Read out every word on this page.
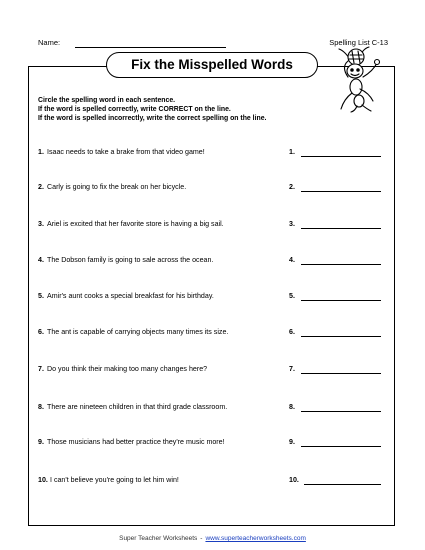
Name:	Spelling List C-13
Fix the Misspelled Words
Circle the spelling word in each sentence.
If the word is spelled correctly, write CORRECT on the line.
If the word is spelled incorrectly, write the correct spelling on the line.
1. Isaac needs to take a brake from that video game!	1.
2. Carly is going to fix the break on her bicycle.	2.
3. Ariel is excited that her favorite store is having a big sail.	3.
4. The Dobson family is going to sale across the ocean.	4.
5. Amir's aunt cooks a special breakfast for his birthday.	5.
6. The ant is capable of carrying objects many times its size.	6.
7. Do you think their making too many changes here?	7.
8. There are nineteen children in that third grade classroom.	8.
9. Those musicians had better practice they're music more!	9.
10. I can't believe you're going to let him win!	10.
Super Teacher Worksheets - www.superteacherworksheets.com
